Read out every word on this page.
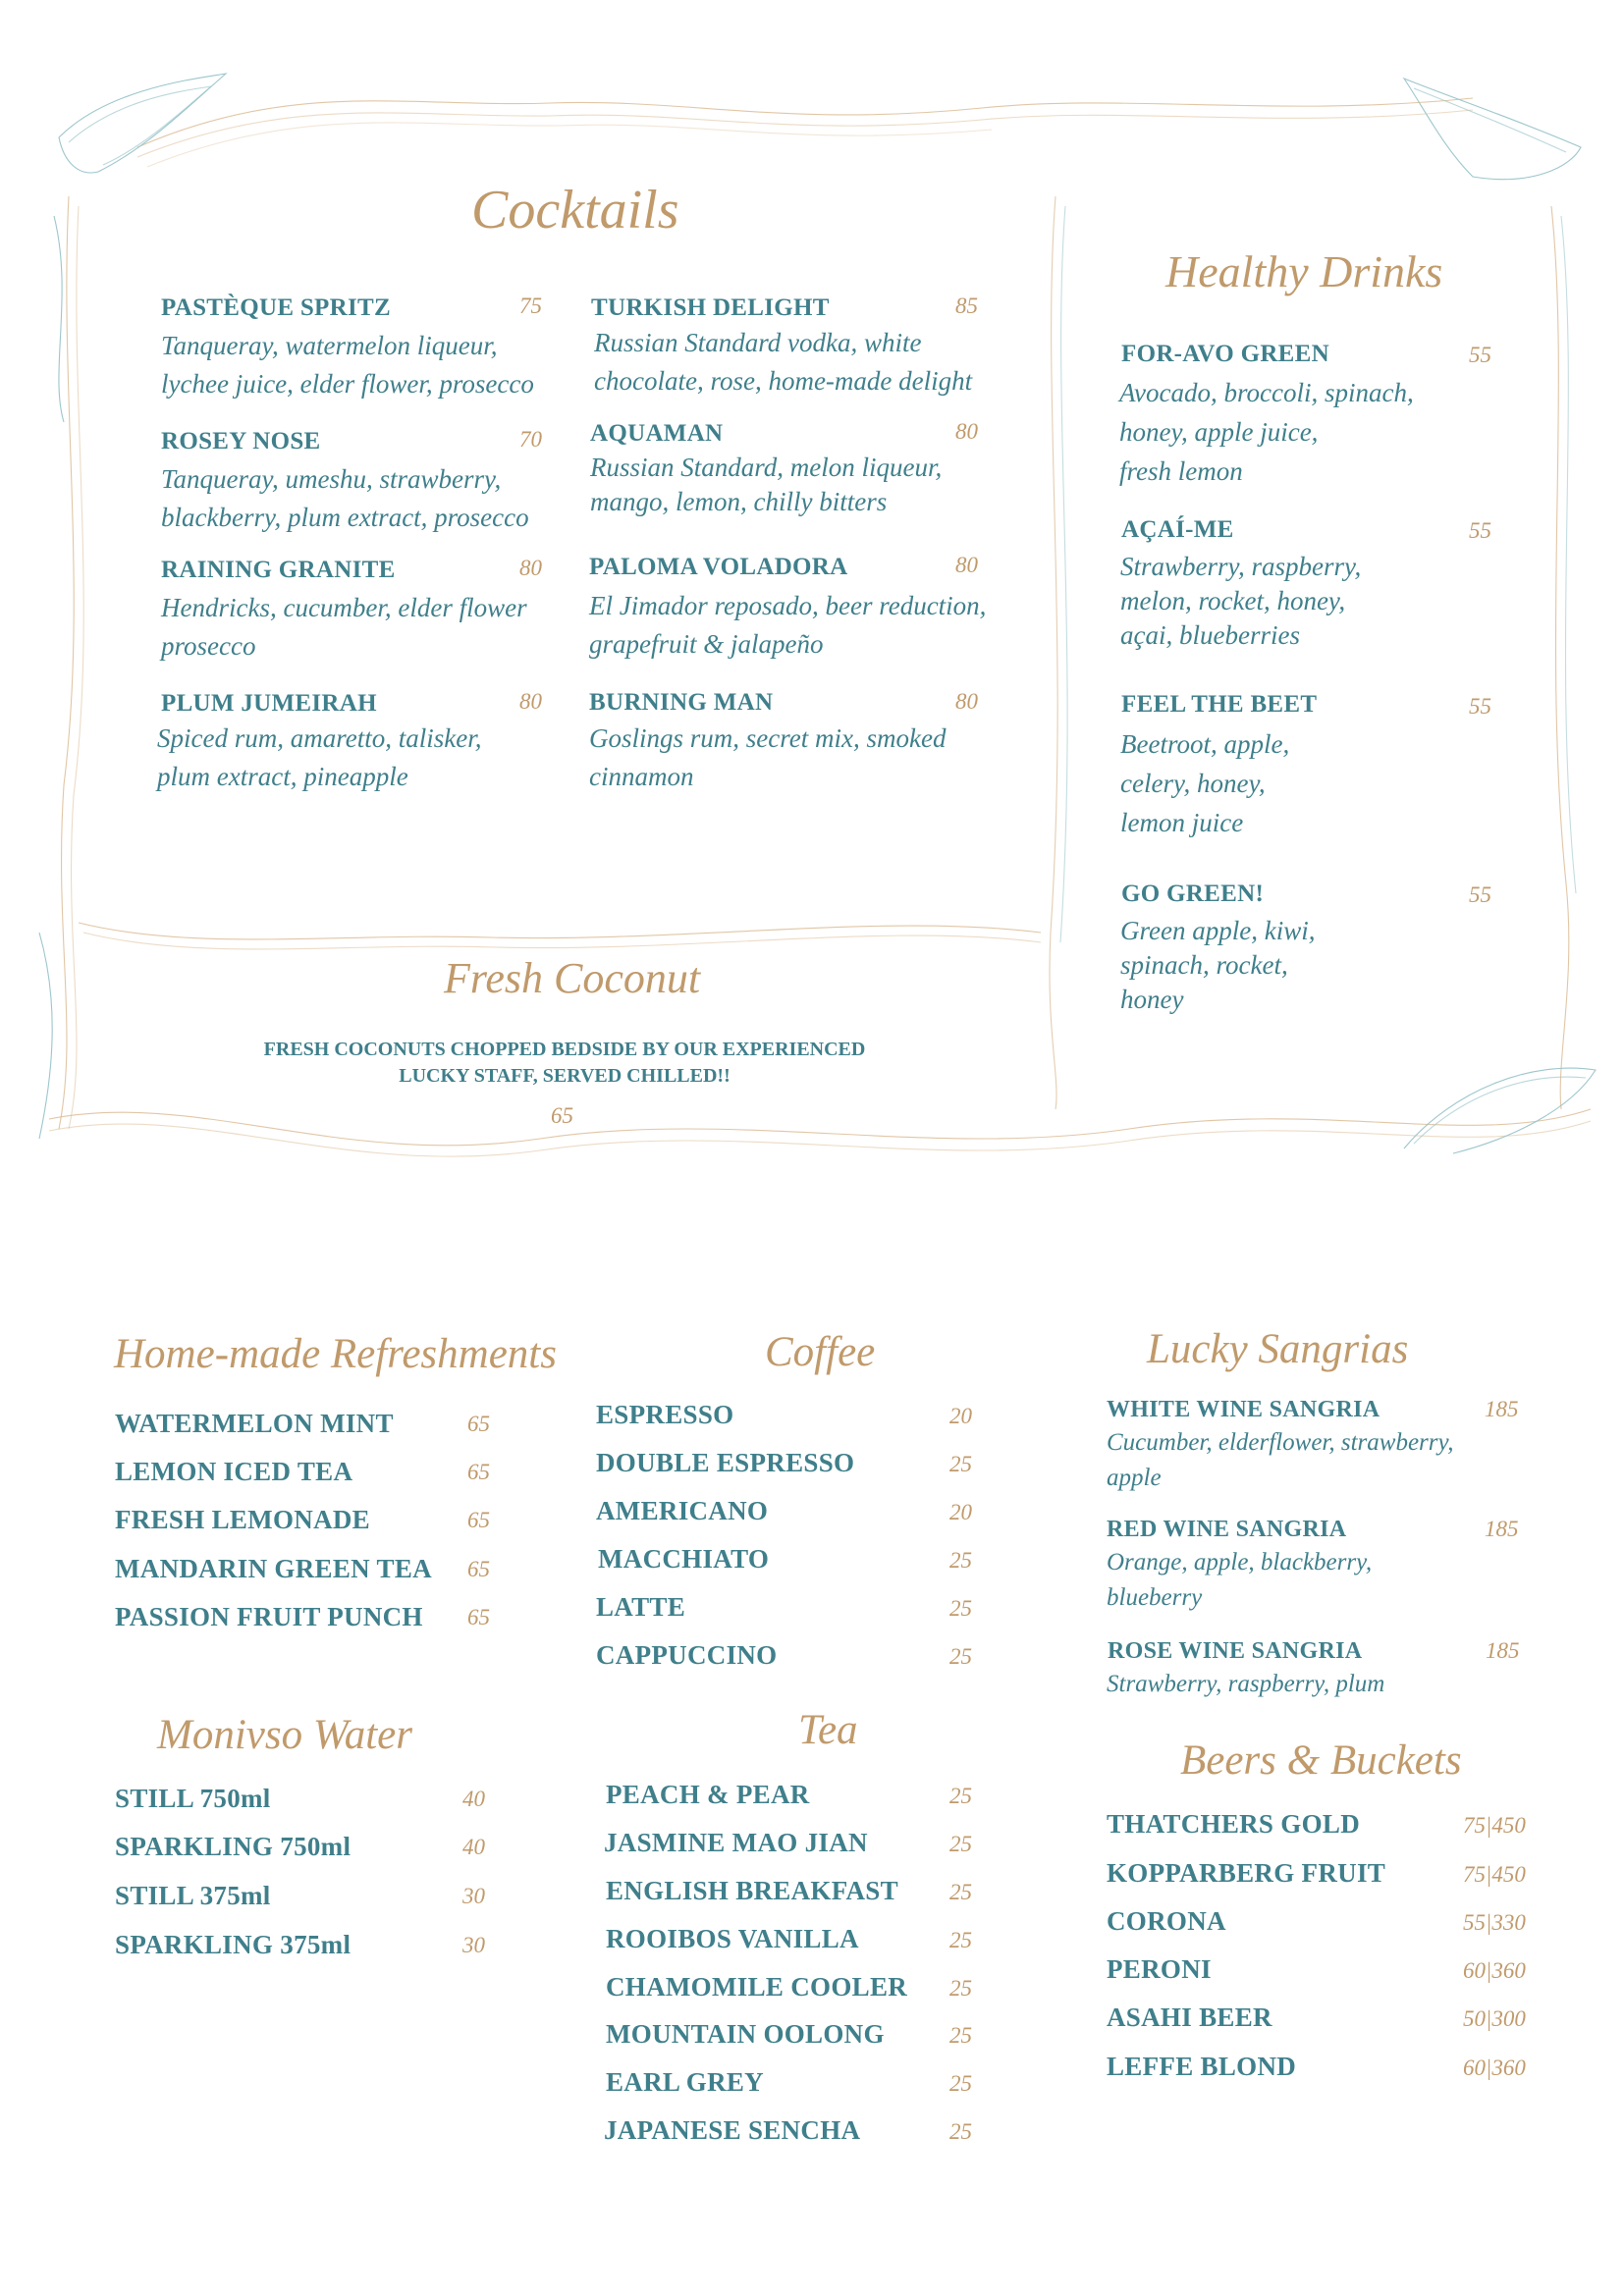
Cocktails
PASTÈQUE SPRITZ	75
Tanqueray, watermelon liqueur,
lychee juice, elder flower, prosecco
ROSEY NOSE	70
Tanqueray, umeshu, strawberry,
blackberry, plum extract, prosecco
RAINING GRANITE	80
Hendricks, cucumber, elder flower
prosecco
PLUM JUMEIRAH	80
Spiced rum, amaretto, talisker,
plum extract, pineapple
TURKISH DELIGHT	85
Russian Standard vodka, white
chocolate, rose, home-made delight
AQUAMAN	80
Russian Standard, melon liqueur,
mango, lemon, chilly bitters
PALOMA VOLADORA	80
El Jimador reposado, beer reduction,
grapefruit & jalapeño
BURNING MAN	80
Goslings rum, secret mix, smoked
cinnamon
Fresh Coconut
FRESH COCONUTS CHOPPED BEDSIDE BY OUR EXPERIENCED
LUCKY STAFF, SERVED CHILLED!!
65
Healthy Drinks
FOR-AVO GREEN	55
Avocado, broccoli, spinach,
honey, apple juice,
fresh lemon
AÇAÍ-ME	55
Strawberry, raspberry,
melon, rocket, honey,
açai, blueberries
FEEL THE BEET	55
Beetroot, apple,
celery, honey,
lemon juice
GO GREEN!	55
Green apple, kiwi,
spinach, rocket,
honey
Home-made Refreshments
WATERMELON MINT	65
LEMON ICED TEA	65
FRESH LEMONADE	65
MANDARIN GREEN TEA 65
PASSION FRUIT PUNCH 65
Monivso Water
STILL 750ml	40
SPARKLING 750ml	40
STILL 375ml	30
SPARKLING 375ml	30
Coffee
ESPRESSO	20
DOUBLE ESPRESSO	25
AMERICANO	20
MACCHIATO	25
LATTE	25
CAPPUCCINO	25
Tea
PEACH & PEAR	25
JASMINE MAO JIAN	25
ENGLISH BREAKFAST 25
ROOIBOS VANILLA	25
CHAMOMILE COOLER 25
MOUNTAIN OOLONG	25
EARL GREY	25
JAPANESE SENCHA	25
Lucky Sangrias
WHITE WINE SANGRIA	185
Cucumber, elderflower, strawberry,
apple
RED WINE SANGRIA	185
Orange, apple, blackberry,
blueberry
ROSE WINE SANGRIA	185
Strawberry, raspberry, plum
Beers & Buckets
THATCHERS GOLD	75|450
KOPPARBERG FRUIT	75|450
CORONA	55|330
PERONI	60|360
ASAHI BEER	50|300
LEFFE BLOND	60|360
